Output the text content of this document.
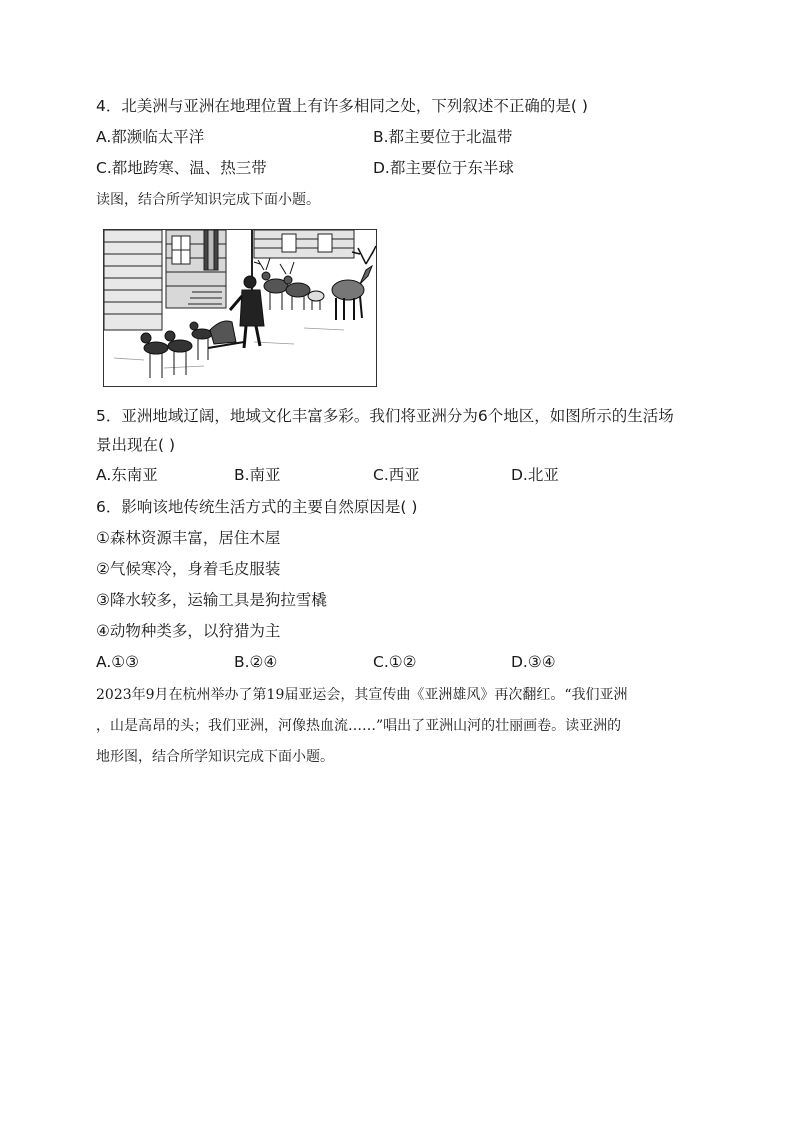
4．北美洲与亚洲在地理位置上有许多相同之处，下列叙述不正确的是( )
A.都濒临太平洋	B.都主要位于北温带
C.都地跨寒、温、热三带	D.都主要位于东半球
读图，结合所学知识完成下面小题。
5．亚洲地域辽阔，地域文化丰富多彩。我们将亚洲分为6个地区，如图所示的生活场
景出现在( )
A.东南亚	B.南亚	C.西亚	D.北亚
6．影响该地传统生活方式的主要自然原因是( )
①森林资源丰富，居住木屋
②气候寒冷，身着毛皮服装
③降水较多，运输工具是狗拉雪橇
④动物种类多，以狩猎为主
A.①③	B.②④	C.①②	D.③④
2023年9月在杭州举办了第19届亚运会，其宣传曲《亚洲雄风》再次翻红。“我们亚洲
，山是高昂的头；我们亚洲，河像热血流……”唱出了亚洲山河的壮丽画卷。读亚洲的
地形图，结合所学知识完成下面小题。
